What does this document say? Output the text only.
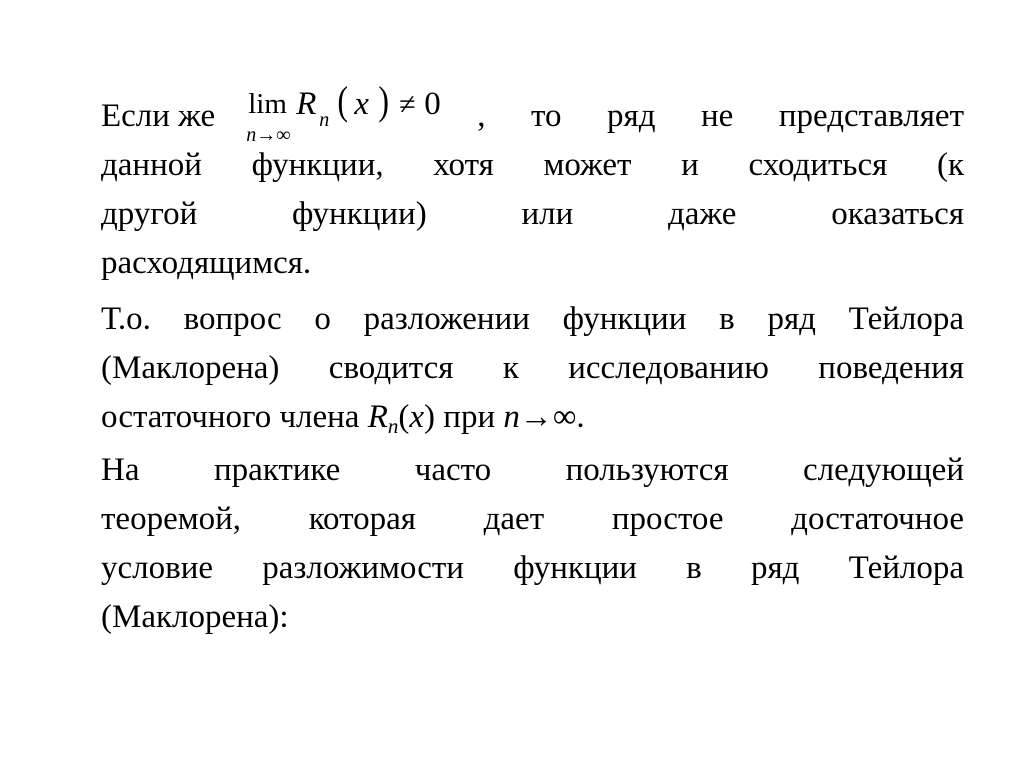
Если же lim
n→∞
R n ( x ) ≠ 0 , то ряд не представляет
данной функции, хотя может и сходиться (к
другой функции) или даже оказаться
расходящимся.
Т.о. вопрос о разложении функции в ряд Тейлора
(Маклорена) сводится к исследованию поведения
остаточного члена $R_n(x)$ при n→∞.
На практике часто пользуются следующей
теоремой, которая дает простое достаточное
условие разложимости функции в ряд Тейлора
(Маклорена):
